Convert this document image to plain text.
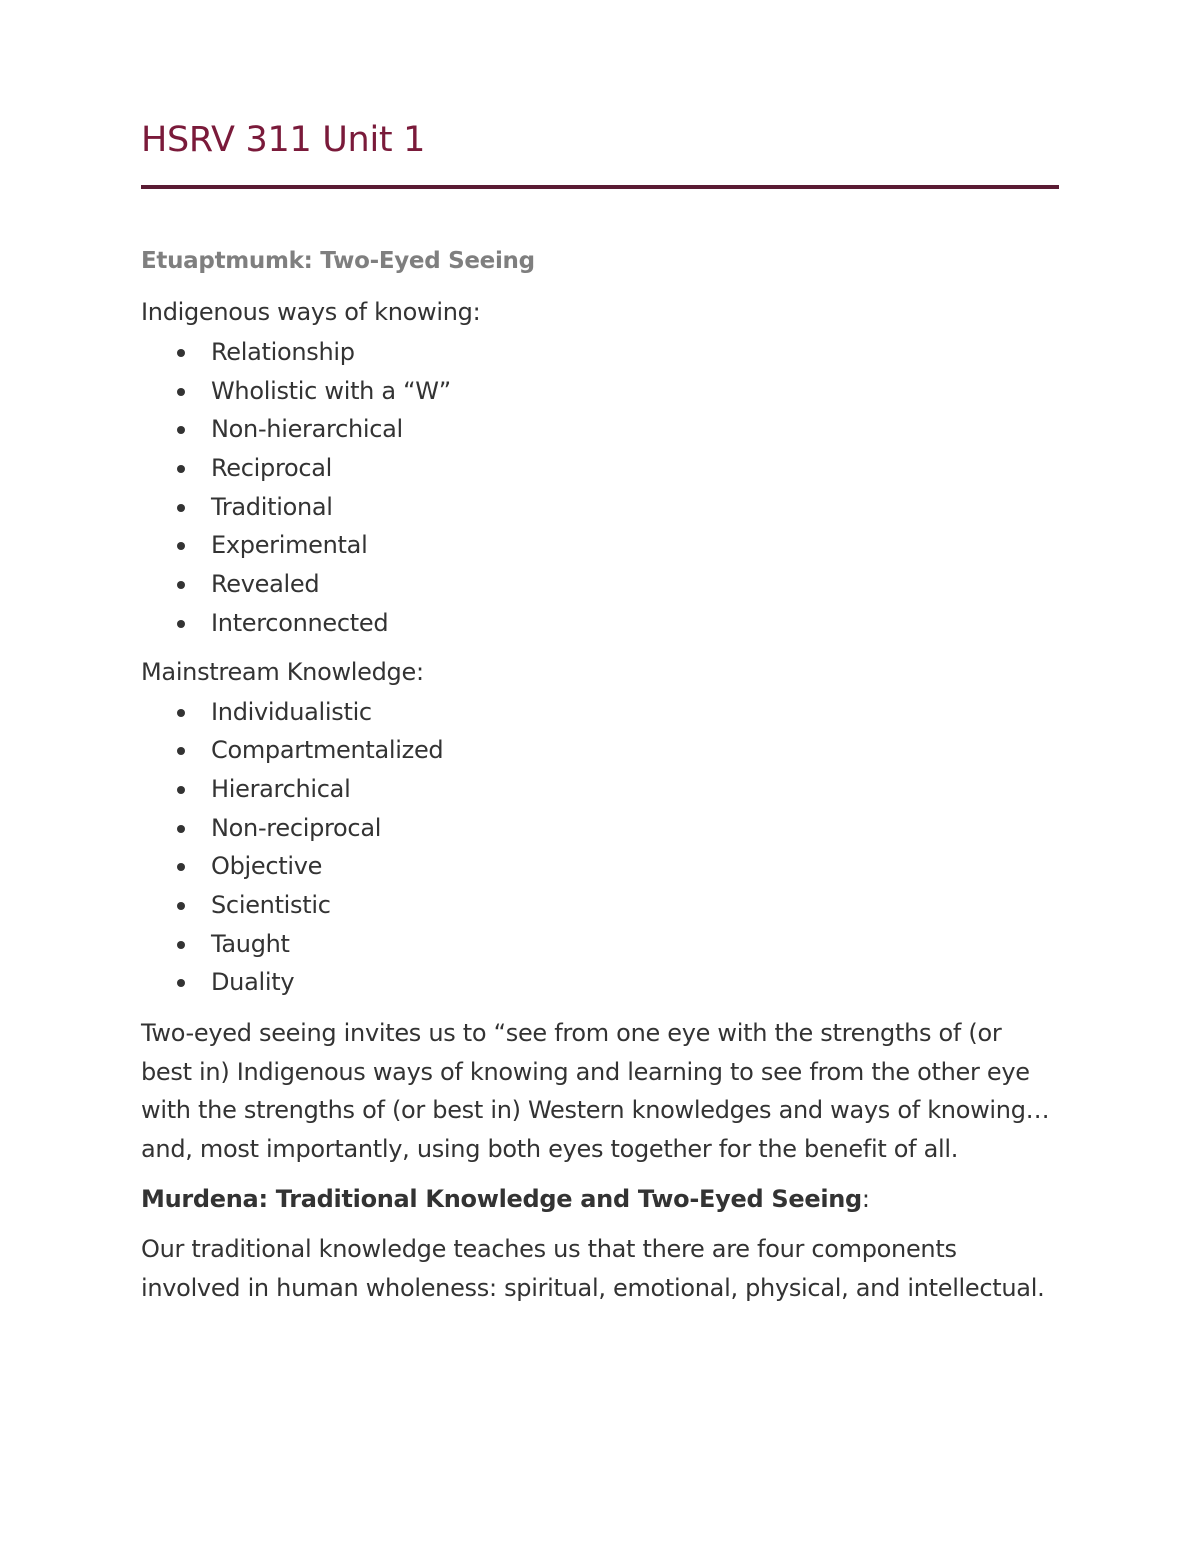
HSRV 311 Unit 1

Etuaptmumk: Two-Eyed Seeing

Indigenous ways of knowing:

Relationship
Wholistic with a “W”
Non-hierarchical
Reciprocal
Traditional
Experimental
Revealed
Interconnected

Mainstream Knowledge:

Individualistic
Compartmentalized
Hierarchical
Non-reciprocal
Objective
Scientistic
Taught
Duality

Two-eyed seeing invites us to “see from one eye with the strengths of (or best in) Indigenous ways of knowing and learning to see from the other eye with the strengths of (or best in) Western knowledges and ways of knowing… and, most importantly, using both eyes together for the benefit of all.

Murdena: Traditional Knowledge and Two-Eyed Seeing:

Our traditional knowledge teaches us that there are four components involved in human wholeness: spiritual, emotional, physical, and intellectual.
